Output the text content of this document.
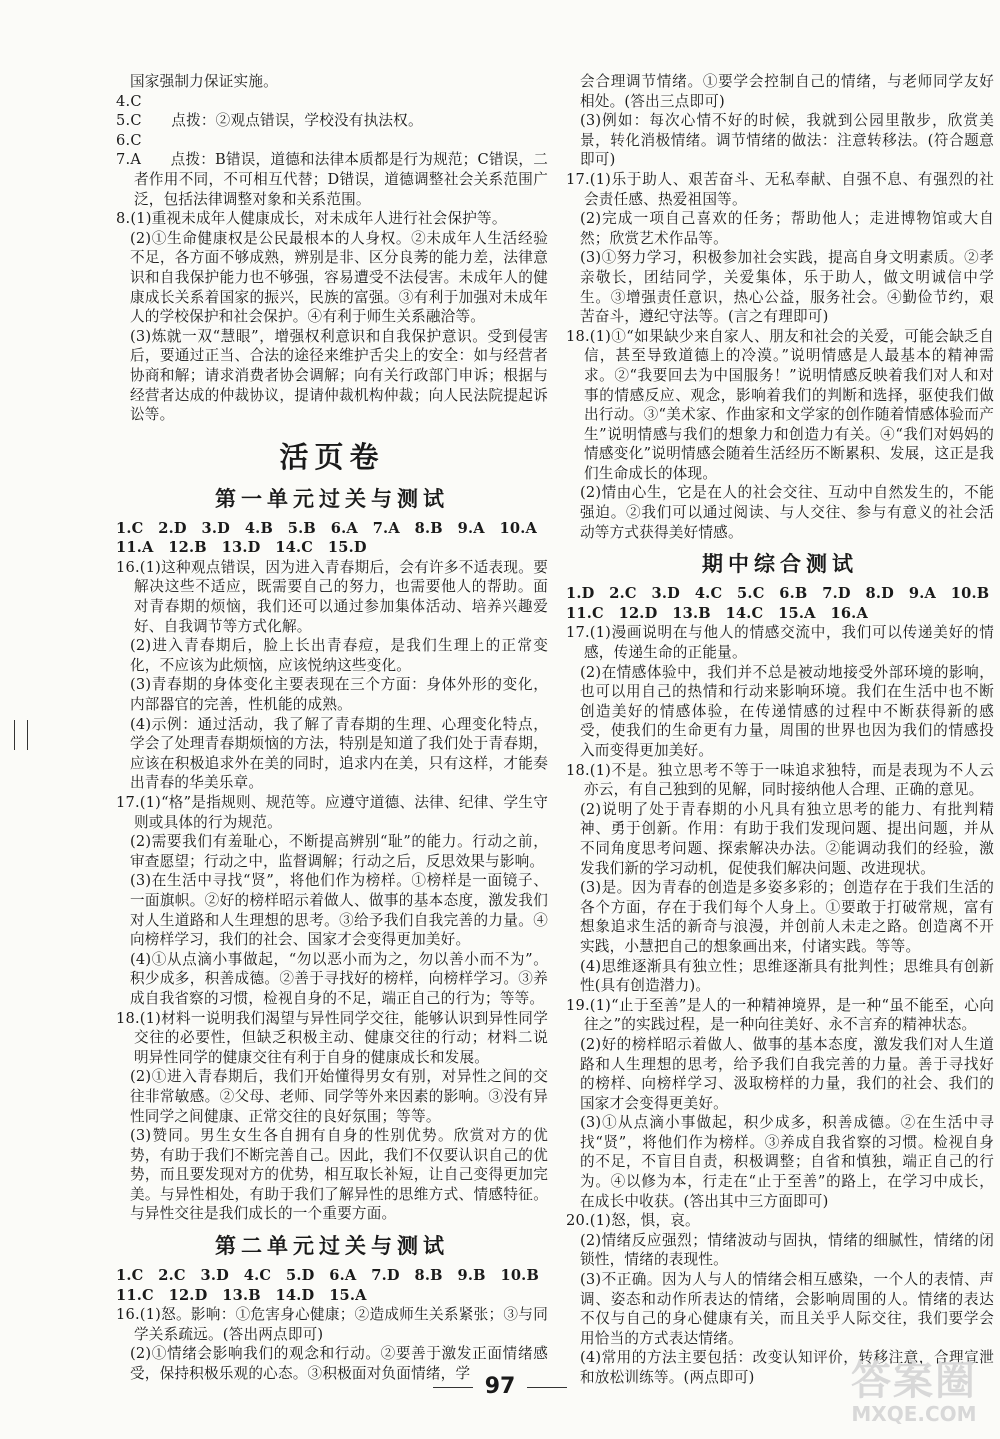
国家强制力保证实施。

4.C

5.C　　点拨：②观点错误，学校没有执法权。

6.C

7.A　　点拨：B错误，道德和法律本质都是行为规范；C错误，二者作用不同，不可相互代替；D错误，道德调整社会关系范围广泛，包括法律调整对象和关系范围。

8.(1)重视未成年人健康成长，对未成年人进行社会保护等。

(2)①生命健康权是公民最根本的人身权。②未成年人生活经验不足，各方面不够成熟，辨别是非、区分良莠的能力差，法律意识和自我保护能力也不够强，容易遭受不法侵害。未成年人的健康成长关系着国家的振兴，民族的富强。③有利于加强对未成年人的学校保护和社会保护。④有利于师生关系融洽等。

(3)炼就一双“慧眼”，增强权利意识和自我保护意识。受到侵害后，要通过正当、合法的途径来维护舌尖上的安全：如与经营者协商和解；请求消费者协会调解；向有关行政部门申诉；根据与经营者达成的仲裁协议，提请仲裁机构仲裁；向人民法院提起诉讼等。

活页卷
第一单元过关与测试

1.C　2.D　3.D　4.B　5.B　6.A　7.A　8.B　9.A　10.A

11.A　12.B　13.D　14.C　15.D

16.(1)这种观点错误，因为进入青春期后，会有许多不适表现。要解决这些不适应，既需要自己的努力，也需要他人的帮助。面对青春期的烦恼，我们还可以通过参加集体活动、培养兴趣爱好、自我调节等方式化解。

(2)进入青春期后，脸上长出青春痘，是我们生理上的正常变化，不应该为此烦恼，应该悦纳这些变化。

(3)青春期的身体变化主要表现在三个方面：身体外形的变化，内部器官的完善，性机能的成熟。

(4)示例：通过活动，我了解了青春期的生理、心理变化特点，学会了处理青春期烦恼的方法，特别是知道了我们处于青春期，应该在积极追求外在美的同时，追求内在美，只有这样，才能奏出青春的华美乐章。

17.(1)“格”是指规则、规范等。应遵守道德、法律、纪律、学生守则或具体的行为规范。

(2)需要我们有羞耻心，不断提高辨别“耻”的能力。行动之前，审查愿望；行动之中，监督调解；行动之后，反思效果与影响。

(3)在生活中寻找“贤”，将他们作为榜样。①榜样是一面镜子、一面旗帜。②好的榜样昭示着做人、做事的基本态度，激发我们对人生道路和人生理想的思考。③给予我们自我完善的力量。④向榜样学习，我们的社会、国家才会变得更加美好。

(4)①从点滴小事做起，“勿以恶小而为之，勿以善小而不为”。积少成多，积善成德。②善于寻找好的榜样，向榜样学习。③养成自我省察的习惯，检视自身的不足，端正自己的行为；等等。

18.(1)材料一说明我们渴望与异性同学交往，能够认识到异性同学交往的必要性，但缺乏积极主动、健康交往的行动；材料二说明异性同学的健康交往有利于自身的健康成长和发展。

(2)①进入青春期后，我们开始懂得男女有别，对异性之间的交往非常敏感。②父母、老师、同学等外来因素的影响。③没有异性同学之间健康、正常交往的良好氛围；等等。

(3)赞同。男生女生各自拥有自身的性别优势。欣赏对方的优势，有助于我们不断完善自己。因此，我们不仅要认识自己的优势，而且要发现对方的优势，相互取长补短，让自己变得更加完美。与异性相处，有助于我们了解异性的思维方式、情感特征。与异性交往是我们成长的一个重要方面。

第二单元过关与测试

1.C　2.C　3.D　4.C　5.D　6.A　7.D　8.B　9.B　10.B

11.C　12.D　13.B　14.D　15.A

16.(1)怒。影响：①危害身心健康；②造成师生关系紧张；③与同学关系疏远。(答出两点即可)

(2)①情绪会影响我们的观念和行动。②要善于激发正面情绪感受，保持积极乐观的心态。③积极面对负面情绪，学

会合理调节情绪。①要学会控制自己的情绪，与老师同学友好相处。(答出三点即可)

(3)例如：每次心情不好的时候，我就到公园里散步，欣赏美景，转化消极情绪。调节情绪的做法：注意转移法。(符合题意即可)

17.(1)乐于助人、艰苦奋斗、无私奉献、自强不息、有强烈的社会责任感、热爱祖国等。

(2)完成一项自己喜欢的任务；帮助他人；走进博物馆或大自然；欣赏艺术作品等。

(3)①努力学习，积极参加社会实践，提高自身文明素质。②孝亲敬长，团结同学，关爱集体，乐于助人，做文明诚信中学生。③增强责任意识，热心公益，服务社会。④勤俭节约，艰苦奋斗，遵纪守法等。(言之有理即可)

18.(1)①“如果缺少来自家人、朋友和社会的关爱，可能会缺乏自信，甚至导致道德上的冷漠。”说明情感是人最基本的精神需求。②“我要回去为中国服务！”说明情感反映着我们对人和对事的情感反应、观念，影响着我们的判断和选择，驱使我们做出行动。③“美术家、作曲家和文学家的创作随着情感体验而产生”说明情感与我们的想象力和创造力有关。④“我们对妈妈的情感变化”说明情感会随着生活经历不断累积、发展，这正是我们生命成长的体现。

(2)情由心生，它是在人的社会交往、互动中自然发生的，不能强迫。②我们可以通过阅读、与人交往、参与有意义的社会活动等方式获得美好情感。

期中综合测试

1.D　2.C　3.D　4.C　5.C　6.B　7.D　8.D　9.A　10.B

11.C　12.D　13.B　14.C　15.A　16.A

17.(1)漫画说明在与他人的情感交流中，我们可以传递美好的情感，传递生命的正能量。

(2)在情感体验中，我们并不总是被动地接受外部环境的影响，也可以用自己的热情和行动来影响环境。我们在生活中也不断创造美好的情感体验，在传递情感的过程中不断获得新的感受，使我们的生命更有力量，周围的世界也因为我们的情感投入而变得更加美好。

18.(1)不是。独立思考不等于一味追求独特，而是表现为不人云亦云，有自己独到的见解，同时接纳他人合理、正确的意见。

(2)说明了处于青春期的小凡具有独立思考的能力、有批判精神、勇于创新。作用：有助于我们发现问题、提出问题，并从不同角度思考问题、探索解决办法。②能调动我们的经验，激发我们新的学习动机，促使我们解决问题、改进现状。

(3)是。因为青春的创造是多姿多彩的；创造存在于我们生活的各个方面，存在于我们每个人身上。①要敢于打破常规，富有想象追求生活的新奇与浪漫，并创前人未走之路。创造离不开实践，小慧把自己的想象画出来，付诸实践。等等。

(4)思维逐渐具有独立性；思维逐渐具有批判性；思维具有创新性(具有创造潜力)。

19.(1)“止于至善”是人的一种精神境界，是一种“虽不能至，心向往之”的实践过程，是一种向往美好、永不言弃的精神状态。

(2)好的榜样昭示着做人、做事的基本态度，激发我们对人生道路和人生理想的思考，给予我们自我完善的力量。善于寻找好的榜样、向榜样学习、汲取榜样的力量，我们的社会、我们的国家才会变得更美好。

(3)①从点滴小事做起，积少成多，积善成德。②在生活中寻找“贤”，将他们作为榜样。③养成自我省察的习惯。检视自身的不足，不盲目自责，积极调整；自省和慎独，端正自己的行为。④以修为本，行走在“止于至善”的路上，在学习中成长，在成长中收获。(答出其中三方面即可)

20.(1)怒，惧，哀。

(2)情绪反应强烈；情绪波动与固执，情绪的细腻性，情绪的闭锁性，情绪的表现性。

(3)不正确。因为人与人的情绪会相互感染，一个人的表情、声调、姿态和动作所表达的情绪，会影响周围的人。情绪的表达不仅与自己的身心健康有关，而且关乎人际交往，我们要学会用恰当的方式表达情绪。

(4)常用的方法主要包括：改变认知评价，转移注意，合理宣泄和放松训练等。(两点即可)

97	答案圈
MXQE.COM
